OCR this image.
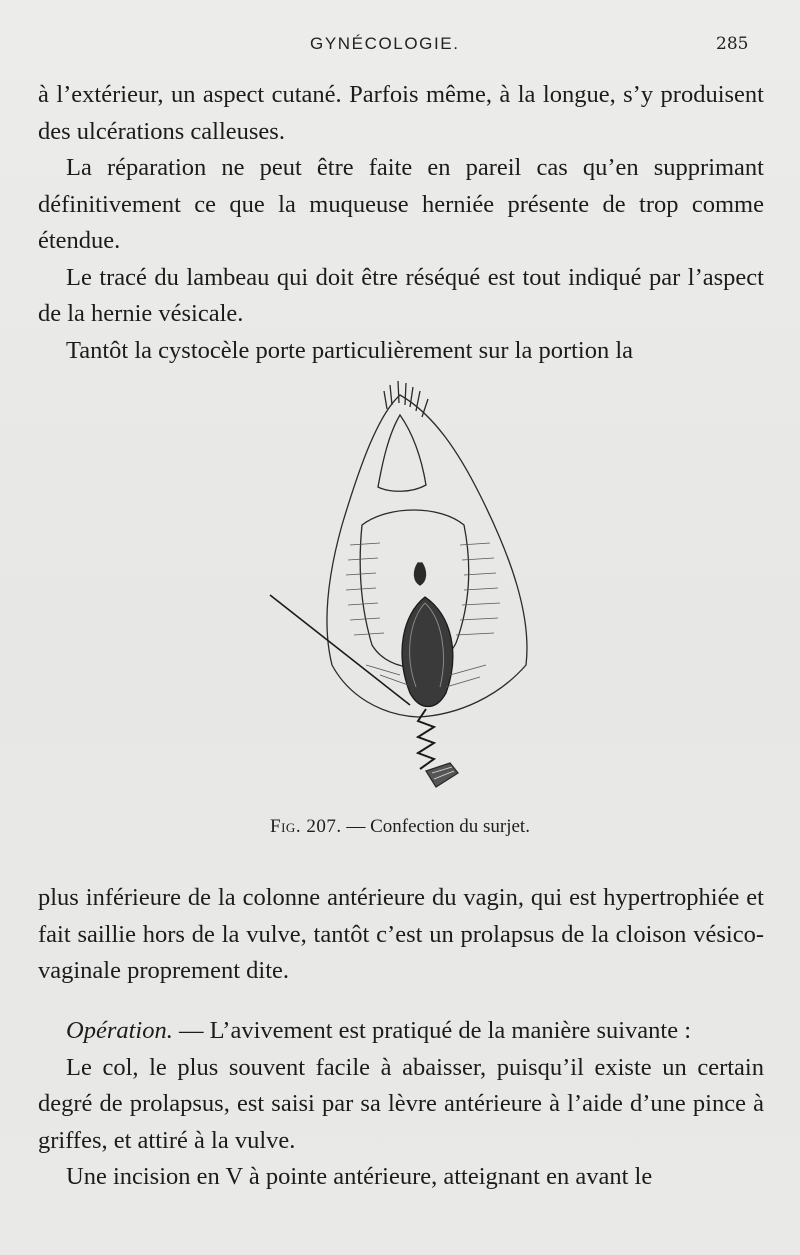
GYNÉCOLOGIE.	285

à l’extérieur, un aspect cutané. Parfois même, à la longue, s’y produisent des ulcérations calleuses.

La réparation ne peut être faite en pareil cas qu’en supprimant définitivement ce que la muqueuse herniée présente de trop comme étendue.

Le tracé du lambeau qui doit être réséqué est tout indiqué par l’aspect de la hernie vésicale.

Tantôt la cystocèle porte particulièrement sur la portion la

Fig. 207. — Confection du surjet.

plus inférieure de la colonne antérieure du vagin, qui est hypertrophiée et fait saillie hors de la vulve, tantôt c’est un prolapsus de la cloison vésico-vaginale proprement dite.

Opération. — L’avivement est pratiqué de la manière suivante :

Le col, le plus souvent facile à abaisser, puisqu’il existe un certain degré de prolapsus, est saisi par sa lèvre antérieure à l’aide d’une pince à griffes, et attiré à la vulve.

Une incision en V à pointe antérieure, atteignant en avant le
